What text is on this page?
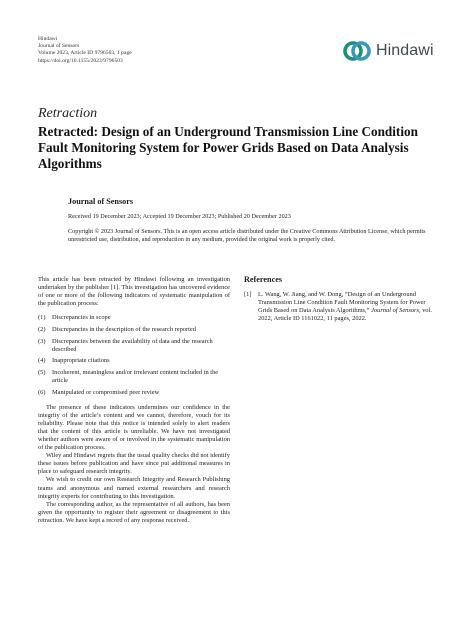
Hindawi
Journal of Sensors
Volume 2023, Article ID 9796503, 1 page
https://doi.org/10.1155/2023/9796503
Hindawi
Retraction
Retracted: Design of an Underground Transmission Line Condition Fault Monitoring System for Power Grids Based on Data Analysis Algorithms
Journal of Sensors
Received 19 December 2023; Accepted 19 December 2023; Published 20 December 2023
Copyright © 2023 Journal of Sensors. This is an open access article distributed under the Creative Commons Attribution License, which permits unrestricted use, distribution, and reproduction in any medium, provided the original work is properly cited.

This article has been retracted by Hindawi following an investigation undertaken by the publisher [1]. This investigation has uncovered evidence of one or more of the following indicators of systematic manipulation of the publication process:

(1)	Discrepancies in scope
(2)	Discrepancies in the description of the research reported
(3)	Discrepancies between the availability of data and the research described
(4)	Inappropriate citations
(5)	Incoherent, meaningless and/or irrelevant content included in the article
(6)	Manipulated or compromised peer review

The presence of these indicators undermines our confidence in the integrity of the article’s content and we cannot, therefore, vouch for its reliability. Please note that this notice is intended solely to alert readers that the content of this article is unreliable. We have not investigated whether authors were aware of or involved in the systematic manipulation of the publication process.

Wiley and Hindawi regrets that the usual quality checks did not identify these issues before publication and have since put additional measures in place to safeguard research integrity.

We wish to credit our own Research Integrity and Research Publishing teams and anonymous and named external researchers and research integrity experts for contributing to this investigation.

The corresponding author, as the representative of all authors, has been given the opportunity to register their agreement or disagreement to this retraction. We have kept a record of any response received.

References
[1]	L. Wang, W. Jiang, and W. Dong, “Design of an Underground Transmission Line Condition Fault Monitoring System for Power Grids Based on Data Analysis Algorithms,” Journal of Sensors, vol. 2022, Article ID 1161022, 11 pages, 2022.
